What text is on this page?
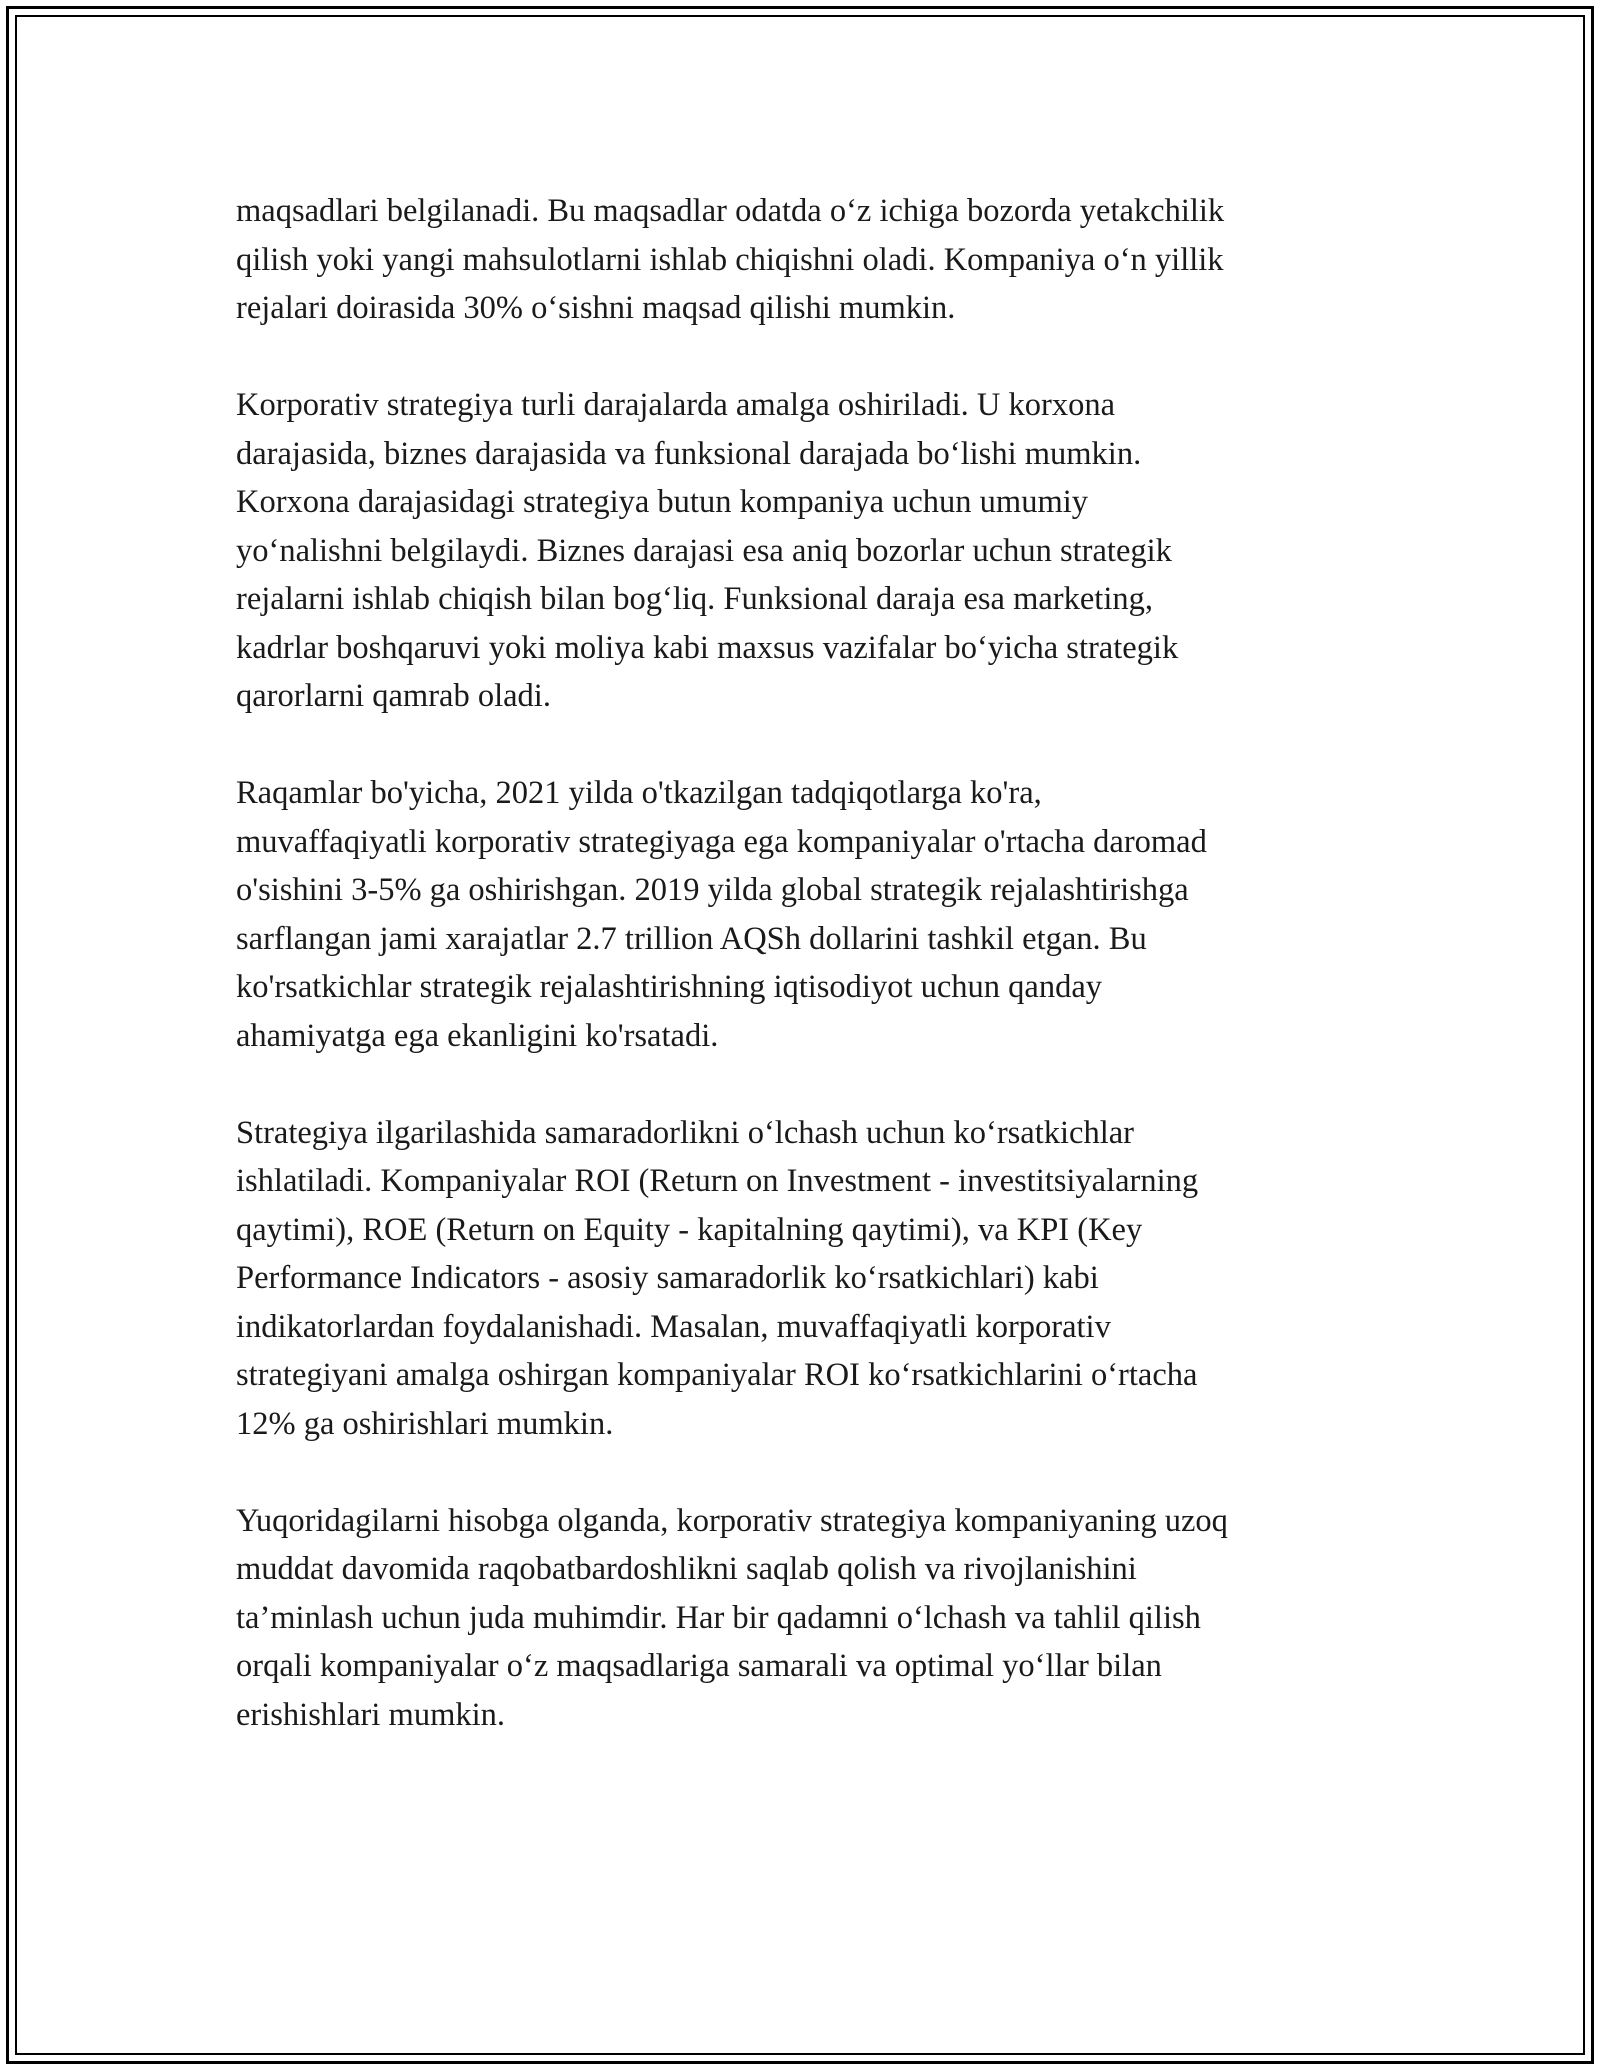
maqsadlari belgilanadi. Bu maqsadlar odatda o‘z ichiga bozorda yetakchilik
qilish yoki yangi mahsulotlarni ishlab chiqishni oladi. Kompaniya o‘n yillik
rejalari doirasida 30% o‘sishni maqsad qilishi mumkin.

Korporativ strategiya turli darajalarda amalga oshiriladi. U korxona
darajasida, biznes darajasida va funksional darajada bo‘lishi mumkin.
Korxona darajasidagi strategiya butun kompaniya uchun umumiy
yo‘nalishni belgilaydi. Biznes darajasi esa aniq bozorlar uchun strategik
rejalarni ishlab chiqish bilan bog‘liq. Funksional daraja esa marketing,
kadrlar boshqaruvi yoki moliya kabi maxsus vazifalar bo‘yicha strategik
qarorlarni qamrab oladi.

Raqamlar bo'yicha, 2021 yilda o'tkazilgan tadqiqotlarga ko'ra,
muvaffaqiyatli korporativ strategiyaga ega kompaniyalar o'rtacha daromad
o'sishini 3-5% ga oshirishgan. 2019 yilda global strategik rejalashtirishga
sarflangan jami xarajatlar 2.7 trillion AQSh dollarini tashkil etgan. Bu
ko'rsatkichlar strategik rejalashtirishning iqtisodiyot uchun qanday
ahamiyatga ega ekanligini ko'rsatadi.

Strategiya ilgarilashida samaradorlikni o‘lchash uchun ko‘rsatkichlar
ishlatiladi. Kompaniyalar ROI (Return on Investment - investitsiyalarning
qaytimi), ROE (Return on Equity - kapitalning qaytimi), va KPI (Key
Performance Indicators - asosiy samaradorlik ko‘rsatkichlari) kabi
indikatorlardan foydalanishadi. Masalan, muvaffaqiyatli korporativ
strategiyani amalga oshirgan kompaniyalar ROI ko‘rsatkichlarini o‘rtacha
12% ga oshirishlari mumkin.

Yuqoridagilarni hisobga olganda, korporativ strategiya kompaniyaning uzoq
muddat davomida raqobatbardoshlikni saqlab qolish va rivojlanishini
ta’minlash uchun juda muhimdir. Har bir qadamni o‘lchash va tahlil qilish
orqali kompaniyalar o‘z maqsadlariga samarali va optimal yo‘llar bilan
erishishlari mumkin.
